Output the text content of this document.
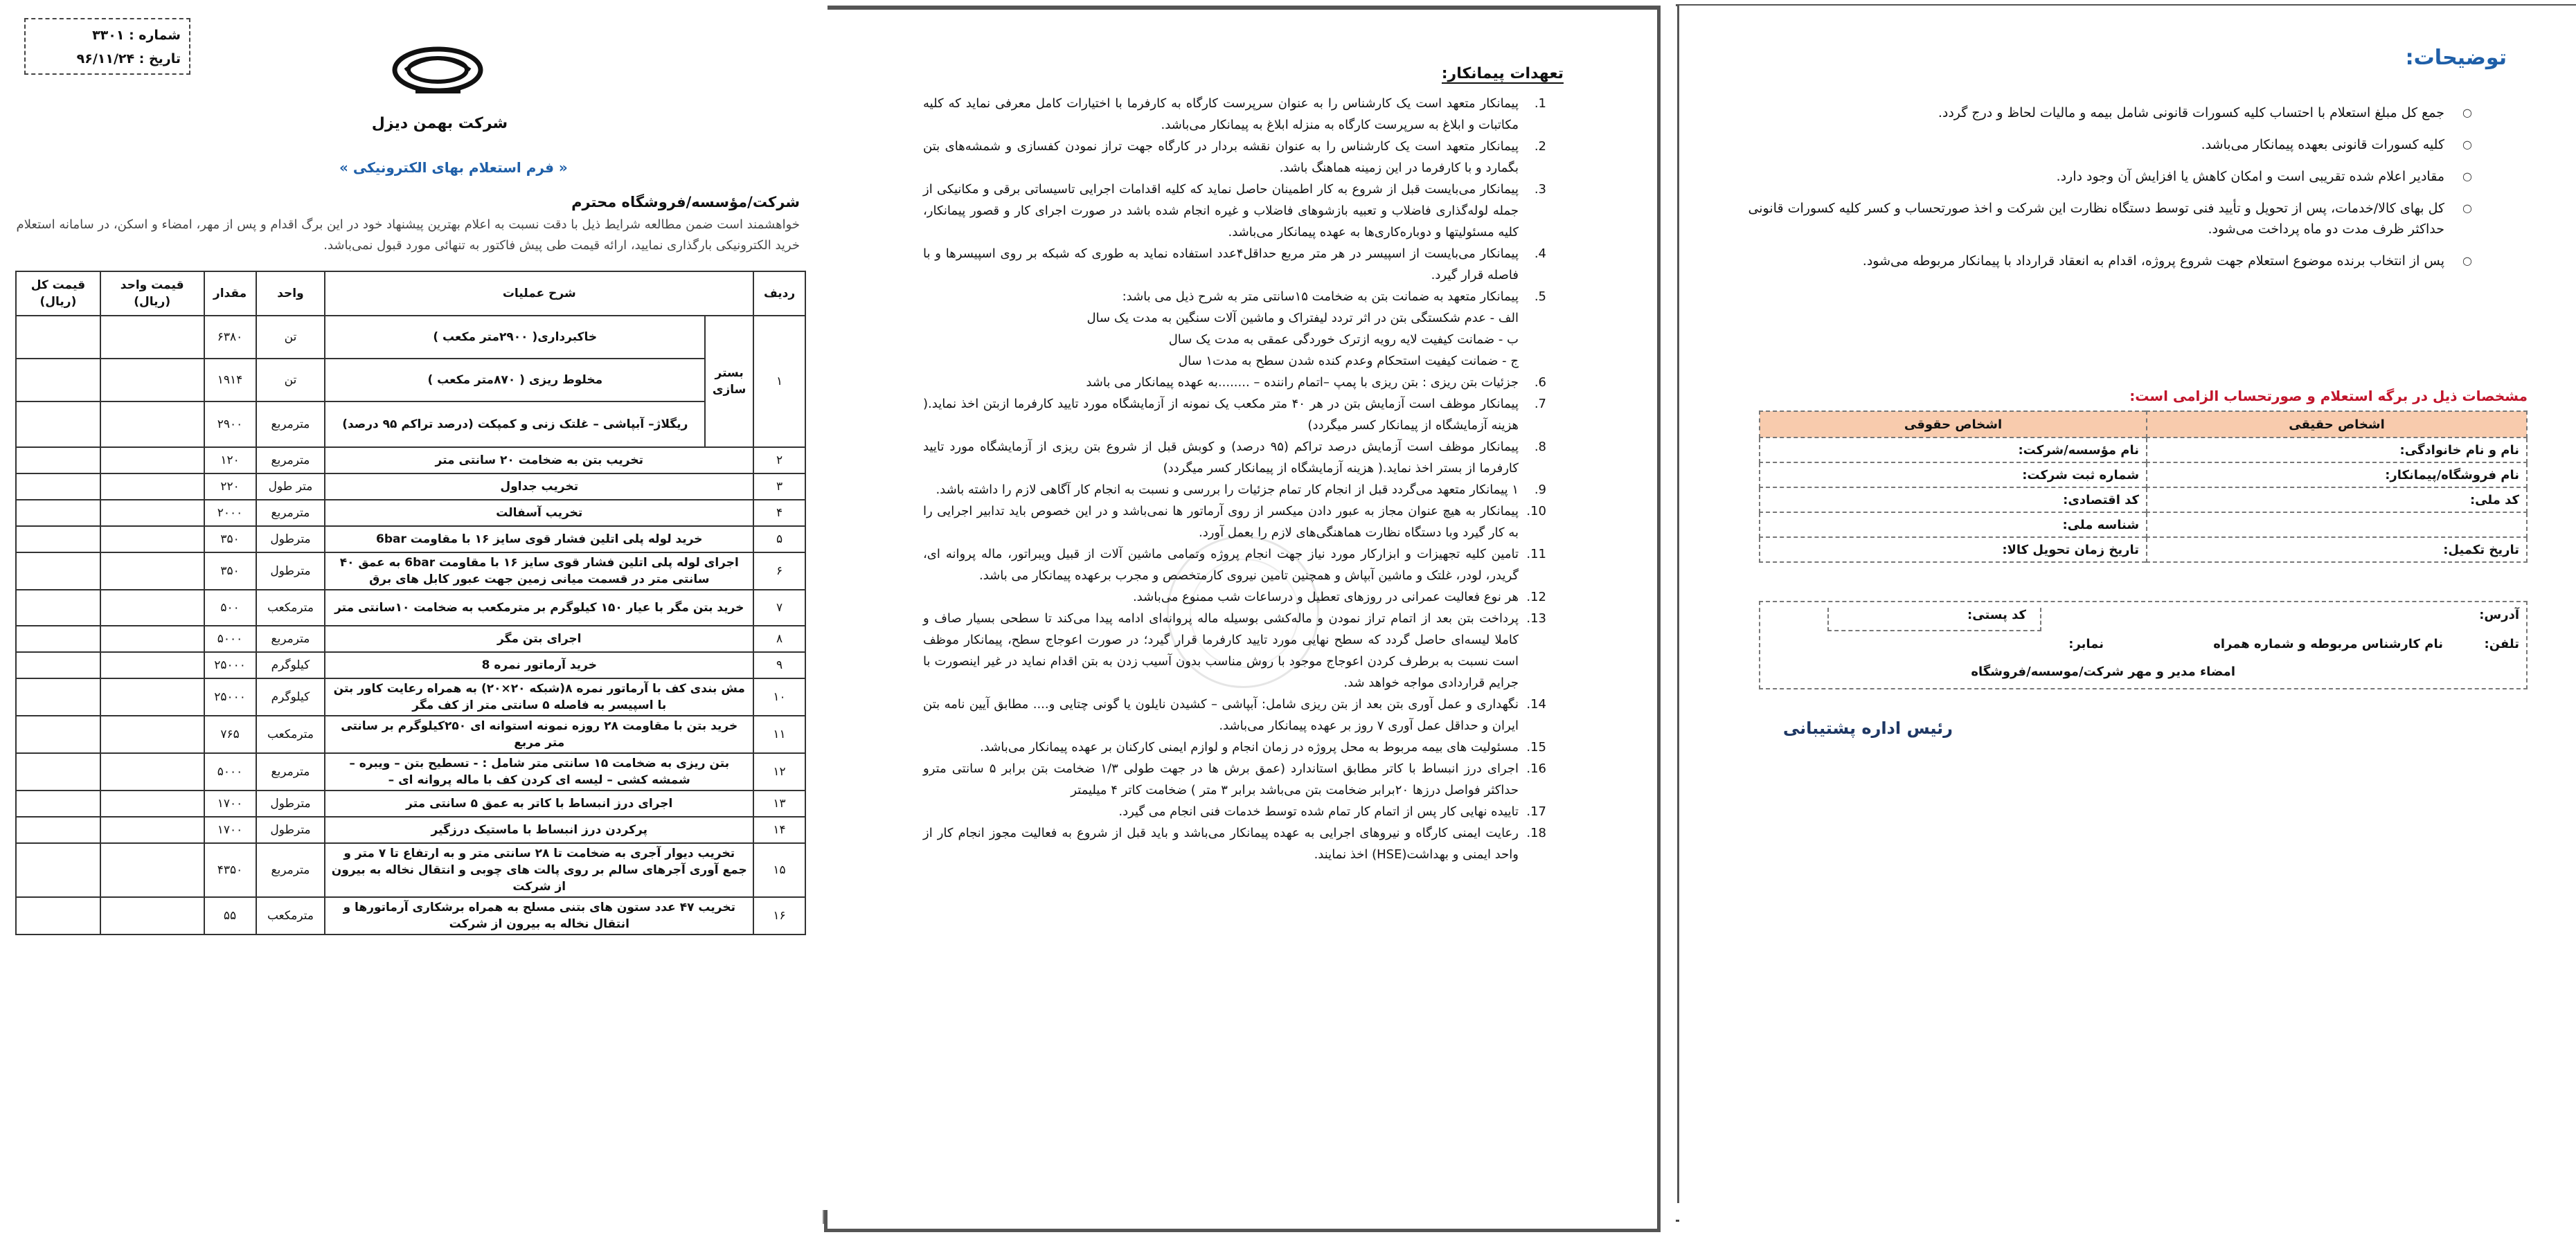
توضیحات:
○ جمع کل مبلغ استعلام با احتساب کلیه کسورات قانونی شامل بیمه و مالیات لحاظ و درج گردد.
○ کلیه کسورات قانونی بعهده پیمانکار می‌باشد.
○ مقادیر اعلام شده تقریبی است و امکان کاهش یا افزایش آن وجود دارد.
○ کل بهای کالا/خدمات، پس از تحویل و تأیید فنی توسط دستگاه نظارت این شرکت و اخذ صورتحساب و کسر کلیه کسورات قانونی حداکثر ظرف مدت دو ماه پرداخت می‌شود.
○ پس از انتخاب برنده موضوع استعلام جهت شروع پروژه، اقدام به انعقاد قرارداد با پیمانکار مربوطه می‌شود.
مشخصات ذیل در برگه استعلام و صورتحساب الزامی است:
اشخاص حقیقی	اشخاص حقوقی
نام و نام خانوادگی:	نام مؤسسه/شرکت:
نام فروشگاه/پیمانکار:	شماره ثبت شرکت:
کد ملی:	کد اقتصادی:
	شناسه ملی:
تاریخ تکمیل:	تاریخ زمان تحویل کالا:
آدرس:
کد پستی:
تلفن:
نام کارشناس مربوطه و شماره همراه
نمابر:
امضاء مدیر و مهر شرکت/موسسه/فروشگاه
رئیس اداره پشتیبانی
تعهدات پیمانکار:
1.
پیمانکار متعهد است یک کارشناس را به عنوان سرپرست کارگاه به کارفرما با اختیارات کامل معرفی نماید که کلیه مکاتبات و ابلاغ به سرپرست کارگاه به منزله ابلاغ به پیمانکار می‌باشد.
2.
پیمانکار متعهد است یک کارشناس را به عنوان نقشه بردار در کارگاه جهت تراز نمودن کفسازی و شمشه‌های بتن بگمارد و با کارفرما در این زمینه هماهنگ باشد.
3.
پیمانکار می‌بایست قبل از شروع به کار اطمینان حاصل نماید که کلیه اقدامات اجرایی تاسیساتی برقی و مکانیکی از جمله لوله‌گذاری فاضلاب و تعبیه بازشوهای فاضلاب و غیره انجام شده باشد در صورت اجرای کار و قصور پیمانکار، کلیه مسئولیتها و دوباره‌کاری‌ها به عهده پیمانکار می‌باشد.
4.
پیمانکار می‌بایست از اسپیسر در هر متر مربع حداقل۴عدد استفاده نماید به طوری که شبکه بر روی اسپیسرها و با فاصله قرار گیرد.
5.
پیمانکار متعهد به ضمانت بتن به ضخامت ۱۵سانتی متر به شرح ذیل می باشد:
الف - عدم شکستگی بتن در اثر تردد لیفتراک و ماشین آلات سنگین به مدت یک سال
ب - ضمانت کیفیت لایه رویه ازترک خوردگی عمقی به مدت یک سال
ج - ضمانت کیفیت استحکام وعدم کنده شدن سطح به مدت۱ سال
6.
جزئیات بتن ریزی : بتن ریزی با پمپ –اتمام راننده – ........به عهده پیمانکار می باشد
7.
پیمانکار موظف است آزمایش بتن در هر ۴۰ متر مکعب یک نمونه از آزمایشگاه مورد تایید کارفرما ازبتن اخذ نماید.( هزینه آزمایشگاه از پیمانکار کسر میگردد)
8.
پیمانکار موظف است آزمایش درصد تراکم (۹۵ درصد) و کوبش قبل از شروع بتن ریزی از آزمایشگاه مورد تایید کارفرما از بستر اخذ نماید.( هزینه آزمایشگاه از پیمانکار کسر میگردد)
9.
۱ پیمانکار متعهد می‌گردد قبل از انجام کار تمام جزئیات را بررسی و نسبت به انجام کار آگاهی لازم را داشته باشد.
10.
پیمانکار به هیچ عنوان مجاز به عبور دادن میکسر از روی آرماتور ها نمی‌باشد و در این خصوص باید تدابیر اجرایی را به کار گیرد وبا دستگاه نظارت هماهنگی‌های لازم را بعمل آورد.
11.
تامین کلیه تجهیزات و ابزارکار مورد نیاز جهت انجام پروژه وتمامی ماشین آلات از قبیل ویبراتور، ماله پروانه ای، گریدر، لودر، غلتک و ماشین آبپاش و همچنین تامین نیروی کارمتخصص و مجرب برعهده پیمانکار می باشد.
12.
هر نوع فعالیت عمرانی در روزهای تعطیل و درساعات شب ممنوع می‌باشد.
13.
پرداخت بتن بعد از اتمام تراز نمودن و ماله‌کشی بوسیله ماله پروانه‌ای ادامه پیدا می‌کند تا سطحی بسیار صاف و کاملا لیسه‌ای حاصل گردد که سطح نهایی مورد تایید کارفرما قرار گیرد؛ در صورت اعوجاج سطح، پیمانکار موظف است نسبت به برطرف کردن اعوجاج موجود با روش مناسب بدون آسیب زدن به بتن اقدام نماید در غیر اینصورت با جرایم قراردادی مواجه خواهد شد.
14.
نگهداری و عمل آوری بتن بعد از بتن ریزی شامل: آبپاشی – کشیدن نایلون یا گونی چتایی و.... مطابق آیین نامه بتن ایران و حداقل عمل آوری ۷ روز بر عهده پیمانکار می‌باشد.
15.
مسئولیت های بیمه مربوط به محل پروژه در زمان انجام و لوازم ایمنی کارکنان بر عهده پیمانکار می‌باشد.
16.
اجرای درز انبساط با کاتر مطابق استاندارد (عمق برش ها در جهت طولی ۱/۳ ضخامت بتن برابر ۵ سانتی مترو حداکثر فواصل درزها ۲۰برابر ضخامت بتن می‌باشد برابر ۳ متر ) ضخامت کاتر ۴ میلیمتر
17.
تاییده نهایی کار پس از اتمام کار تمام شده توسط خدمات فنی انجام می گیرد.
18.
رعایت ایمنی کارگاه و نیروهای اجرایی به عهده پیمانکار می‌باشد و باید قبل از شروع به فعالیت مجوز انجام کار از واحد ایمنی و بهداشت(HSE) اخذ نمایند.
شماره : ۳۳۰۱
تاریخ : ۹۶/۱۱/۲۴
شرکت بهمن دیزل
« فرم استعلام بهای الکترونیکی »
شرکت/مؤسسه/فروشگاه محترم

خواهشمند است ضمن مطالعه شرایط ذیل با دقت نسبت به اعلام بهترین پیشنهاد خود در این برگ اقدام و پس از مهر، امضاء و اسکن، در سامانه استعلام خرید الکترونیکی بارگذاری نمایید، ارائه قیمت طی پیش فاکتور به تنهائی مورد قبول نمی‌باشد.

ردیف	شرح عملیات		واحد	مقدار	قیمت واحد (ریال)	قیمت کل (ریال)
۱	بستر سازی	خاکبرداری( ۲۹۰۰متر مکعب )	تن	۶۳۸۰		
		مخلوط ریزی ( ۸۷۰متر مکعب )	تن	۱۹۱۴		
		ریگلاژ– آبپاشی – غلتک زنی و کمپکت (درصد تراکم ۹۵ درصد)	مترمربع	۲۹۰۰		
۲	تخریب بتن به ضخامت ۲۰ سانتی متر		مترمربع	۱۲۰		
۳	تخریب جداول		متر طول	۲۲۰		
۴	تخریب آسفالت		مترمربع	۲۰۰۰		
۵	خرید لوله پلی اتلین فشار قوی سایز ۱۶ با مقاومت 6bar		مترطول	۳۵۰		
۶	اجرای لوله پلی اتلین فشار قوی سایز ۱۶ با مقاومت 6bar به عمق ۴۰ سانتی متر در قسمت میانی زمین جهت عبور کابل های برق		مترطول	۳۵۰		
۷	خرید بتن مگر با عیار ۱۵۰ کیلوگرم بر مترمکعب به ضخامت ۱۰سانتی متر		مترمکعب	۵۰۰		
۸	اجرای بتن مگر		مترمربع	۵۰۰۰		
۹	خرید آرماتور نمره 8		کیلوگرم	۲۵۰۰۰		
۱۰	مش بندی کف با آرماتور نمره ۸(شبکه ۲۰×۲۰) به همراه رعایت کاور بتن با اسپیسر به فاصله ۵ سانتی متر از کف مگر		کیلوگرم	۲۵۰۰۰		
۱۱	خرید بتن با مقاومت ۲۸ روزه نمونه استوانه ای ۲۵۰کیلوگرم بر سانتی متر مربع		مترمکعب	۷۶۵		
۱۲	بتن ریزی به ضخامت ۱۵ سانتی متر شامل : - تسطیح بتن – ویبره – شمشه کشی – لیسه ای کردن کف با ماله پروانه ای –		مترمربع	۵۰۰۰		
۱۳	اجرای درز انبساط با کاتر به عمق ۵ سانتی متر		مترطول	۱۷۰۰		
۱۴	پرکردن درز انبساط با ماستیک درزگیر		مترطول	۱۷۰۰		
۱۵	تخریب دیوار آجری به ضخامت تا ۲۸ سانتی متر و به ارتفاع تا ۷ متر و جمع آوری آجرهای سالم بر روی پالت های چوبی و انتقال نخاله به بیرون از شرکت		مترمربع	۴۳۵۰		
۱۶	تخریب ۴۷ عدد ستون های بتنی مسلح به همراه برشکاری آرماتورها و انتقال نخاله به بیرون از شرکت		مترمکعب	۵۵		
